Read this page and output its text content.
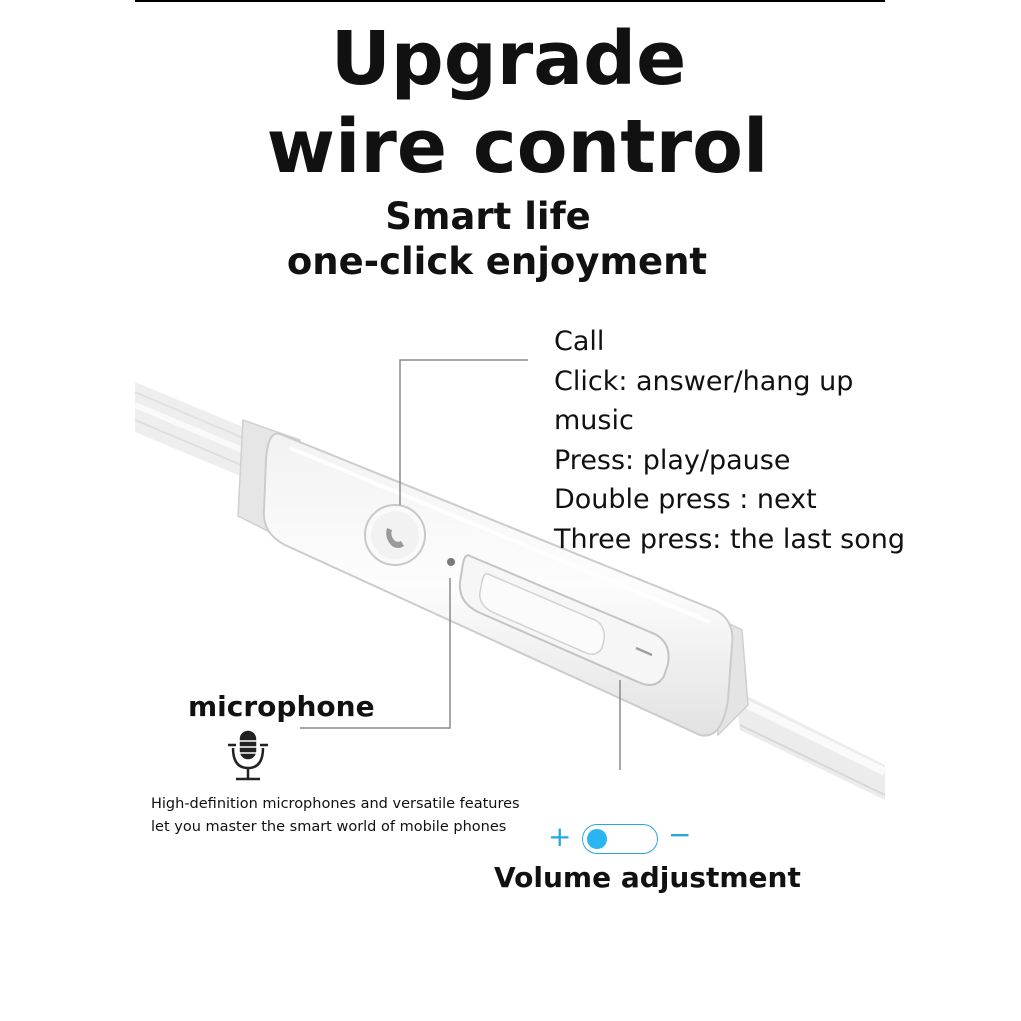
Upgrade
wire control
Smart life
one-click enjoyment
Call
Click: answer/hang up
music
Press: play/pause
Double press : next
Three press: the last song
microphone

High-definition microphones and versatile features
let you master the smart world of mobile phones	+	−
Volume adjustment
